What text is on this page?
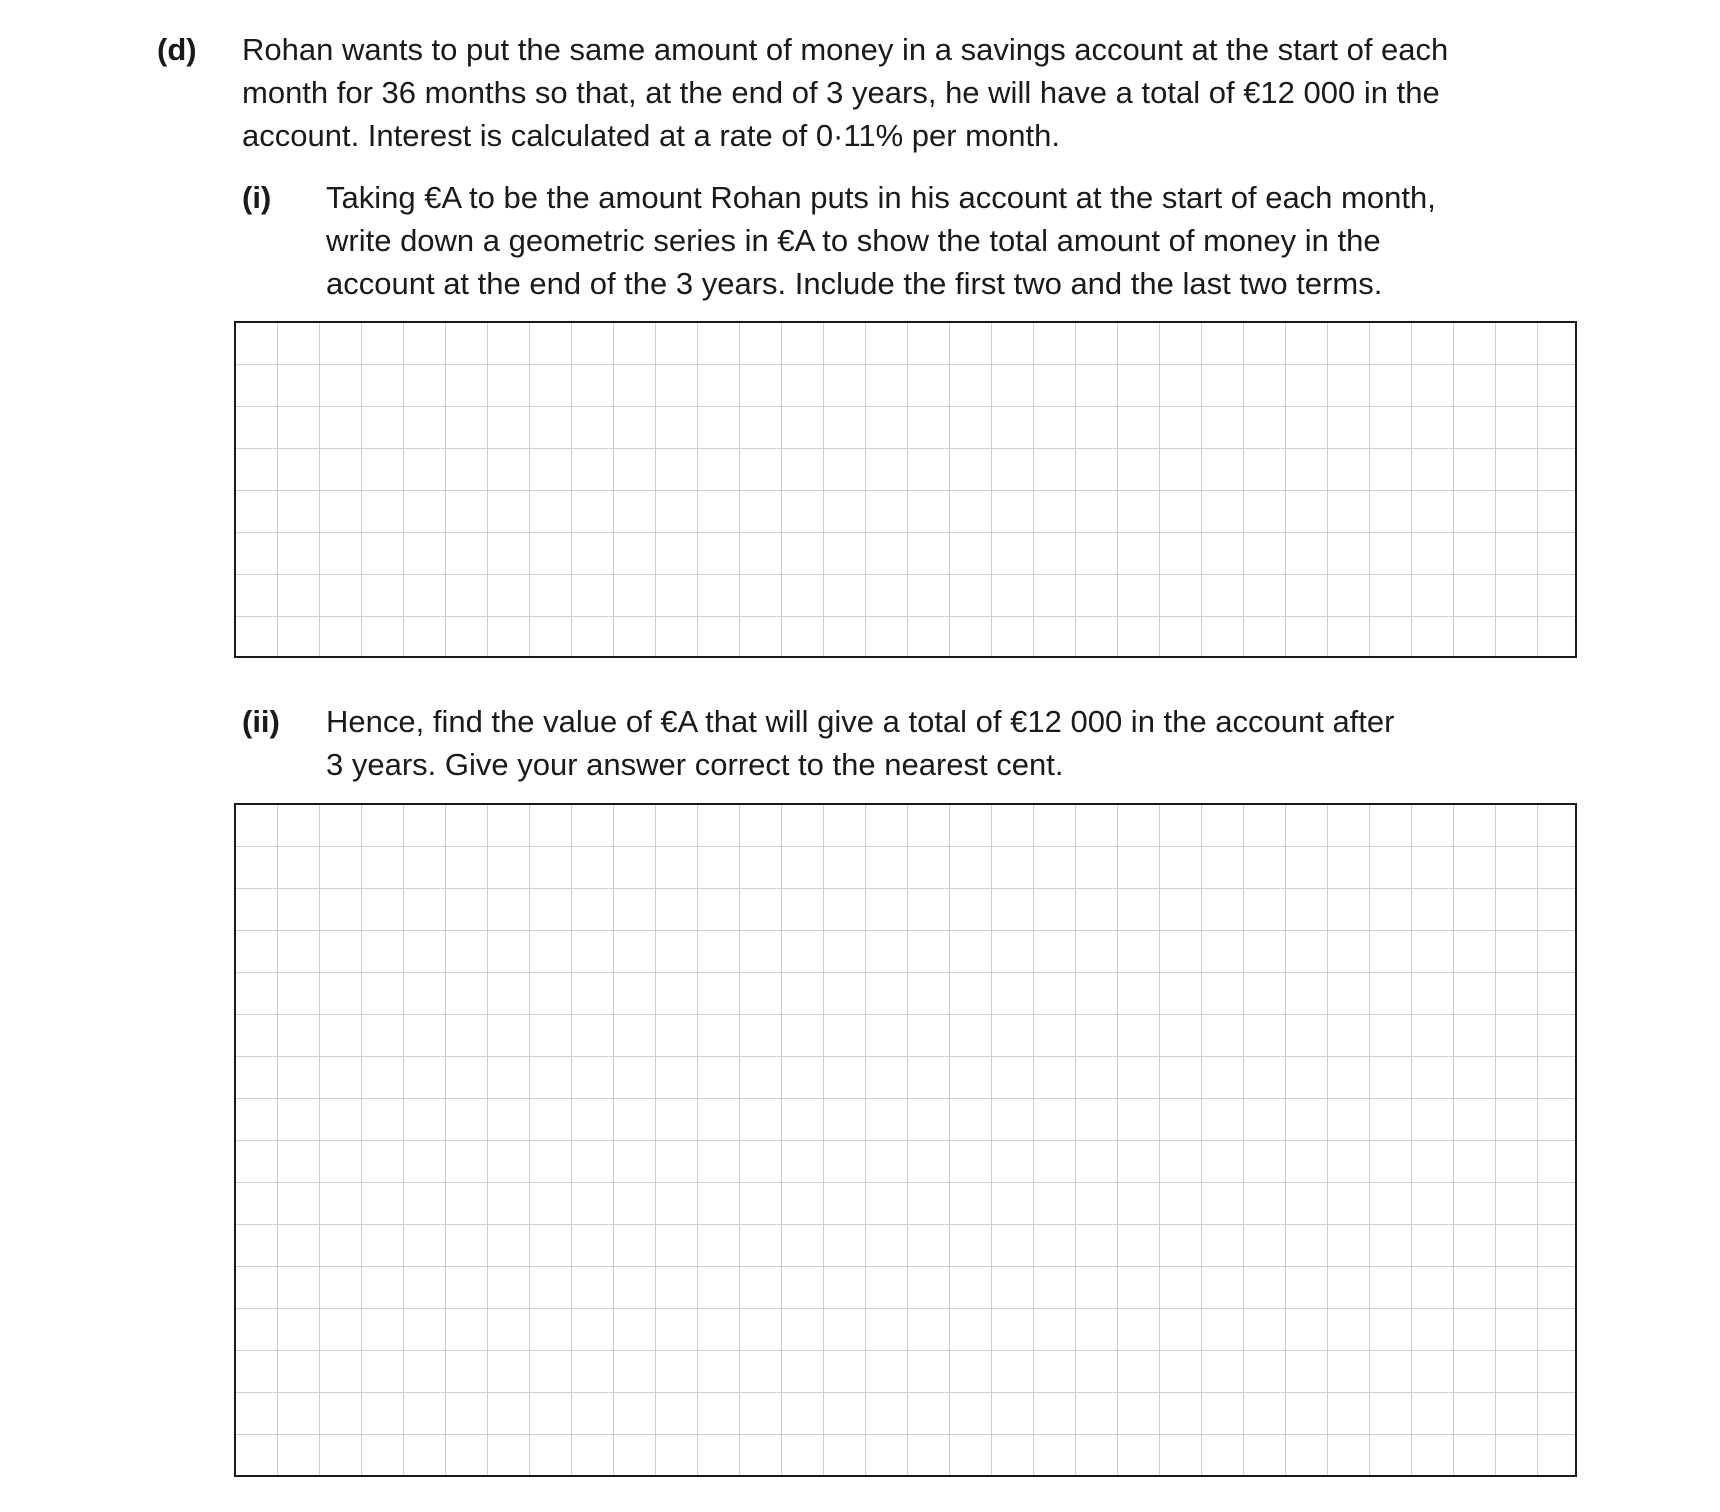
(d) Rohan wants to put the same amount of money in a savings account at the start of each
month for 36 months so that, at the end of 3 years, he will have a total of €12 000 in the
account. Interest is calculated at a rate of 0·11% per month.
(i) Taking €A to be the amount Rohan puts in his account at the start of each month,
write down a geometric series in €A to show the total amount of money in the
account at the end of the 3 years. Include the first two and the last two terms.
(ii) Hence, find the value of €A that will give a total of €12 000 in the account after
3 years. Give your answer correct to the nearest cent.
